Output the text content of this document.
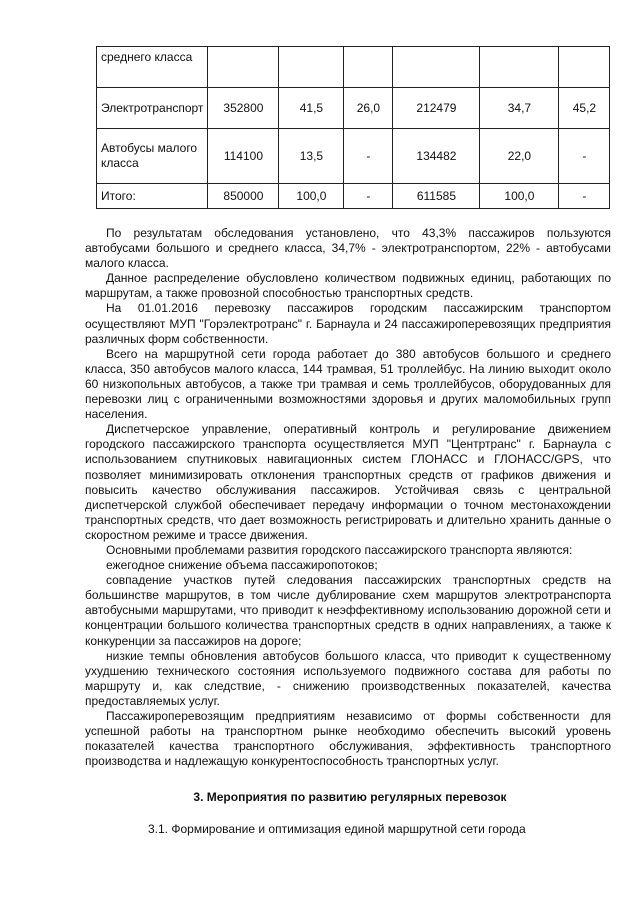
среднего класса						
Электротранспорт	352800	41,5	26,0	212479	34,7	45,2
Автобусы малого класса	114100	13,5	-	134482	22,0	-
Итого:	850000	100,0	-	611585	100,0	-

По результатам обследования установлено, что 43,3% пассажиров пользуются автобусами большого и среднего класса, 34,7% - электротранспортом, 22% - автобусами малого класса.

Данное распределение обусловлено количеством подвижных единиц, работающих по маршрутам, а также провозной способностью транспортных средств.

На 01.01.2016 перевозку пассажиров городским пассажирским транспортом осуществляют МУП "Горэлектротранс" г. Барнаула и 24 пассажироперевозящих предприятия различных форм собственности.

Всего на маршрутной сети города работает до 380 автобусов большого и среднего класса, 350 автобусов малого класса, 144 трамвая, 51 троллейбус. На линию выходит около 60 низкопольных автобусов, а также три трамвая и семь троллейбусов, оборудованных для перевозки лиц с ограниченными возможностями здоровья и других маломобильных групп населения.

Диспетчерское управление, оперативный контроль и регулирование движением городского пассажирского транспорта осуществляется МУП "Центртранс" г. Барнаула с использованием спутниковых навигационных систем ГЛОНАСС и ГЛОНАСС/GPS, что позволяет минимизировать отклонения транспортных средств от графиков движения и повысить качество обслуживания пассажиров. Устойчивая связь с центральной диспетчерской службой обеспечивает передачу информации о точном местонахождении транспортных средств, что дает возможность регистрировать и длительно хранить данные о скоростном режиме и трассе движения.

Основными проблемами развития городского пассажирского транспорта являются:

ежегодное снижение объема пассажиропотоков;

совпадение участков путей следования пассажирских транспортных средств на большинстве маршрутов, в том числе дублирование схем маршрутов электротранспорта автобусными маршрутами, что приводит к неэффективному использованию дорожной сети и концентрации большого количества транспортных средств в одних направлениях, а также к конкуренции за пассажиров на дороге;

низкие темпы обновления автобусов большого класса, что приводит к существенному ухудшению технического состояния используемого подвижного состава для работы по маршруту и, как следствие, - снижению производственных показателей, качества предоставляемых услуг.

Пассажироперевозящим предприятиям независимо от формы собственности для успешной работы на транспортном рынке необходимо обеспечить высокий уровень показателей качества транспортного обслуживания, эффективность транспортного производства и надлежащую конкурентоспособность транспортных услуг.

3. Мероприятия по развитию регулярных перевозок
3.1. Формирование и оптимизация единой маршрутной сети города
